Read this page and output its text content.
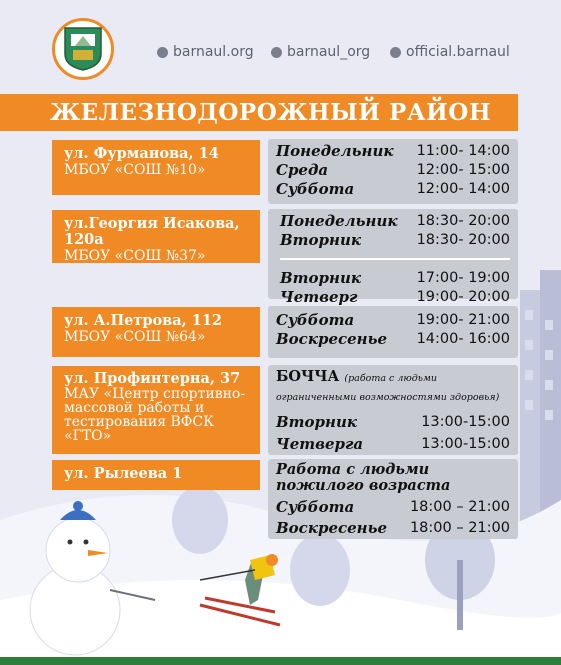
barnaul.org barnaul_org	official.barnaul
ЖЕЛЕЗНОДОРОЖНЫЙ РАЙОН
ул. Фурманова, 14
МБОУ «СОШ №10»
Понедельник 11:00- 14:00
Среда	12:00- 15:00
Суббота	12:00- 14:00
ул.Георгия Исакова, 120а
МБОУ «СОШ №37»
Понедельник 18:30- 20:00
Вторник	18:30- 20:00
Вторник	17:00- 19:00
Четверг	19:00- 20:00
ул. А.Петрова, 112
МБОУ «СОШ №64»
Суббота	19:00- 21:00
Воскресенье 14:00- 16:00
ул. Профинтерна, 37
МАУ «Центр спортивно-массовой работы и тестирования ВФСК «ГТО»
БОЧЧА (работа с людьми ограниченными возможностями здоровья)
Вторник	13:00-15:00
Четверга	13:00-15:00
ул. Рылеева 1	Работа с людьми пожилого возраста
Суббота	18:00 – 21:00
Воскресенье 18:00 – 21:00
